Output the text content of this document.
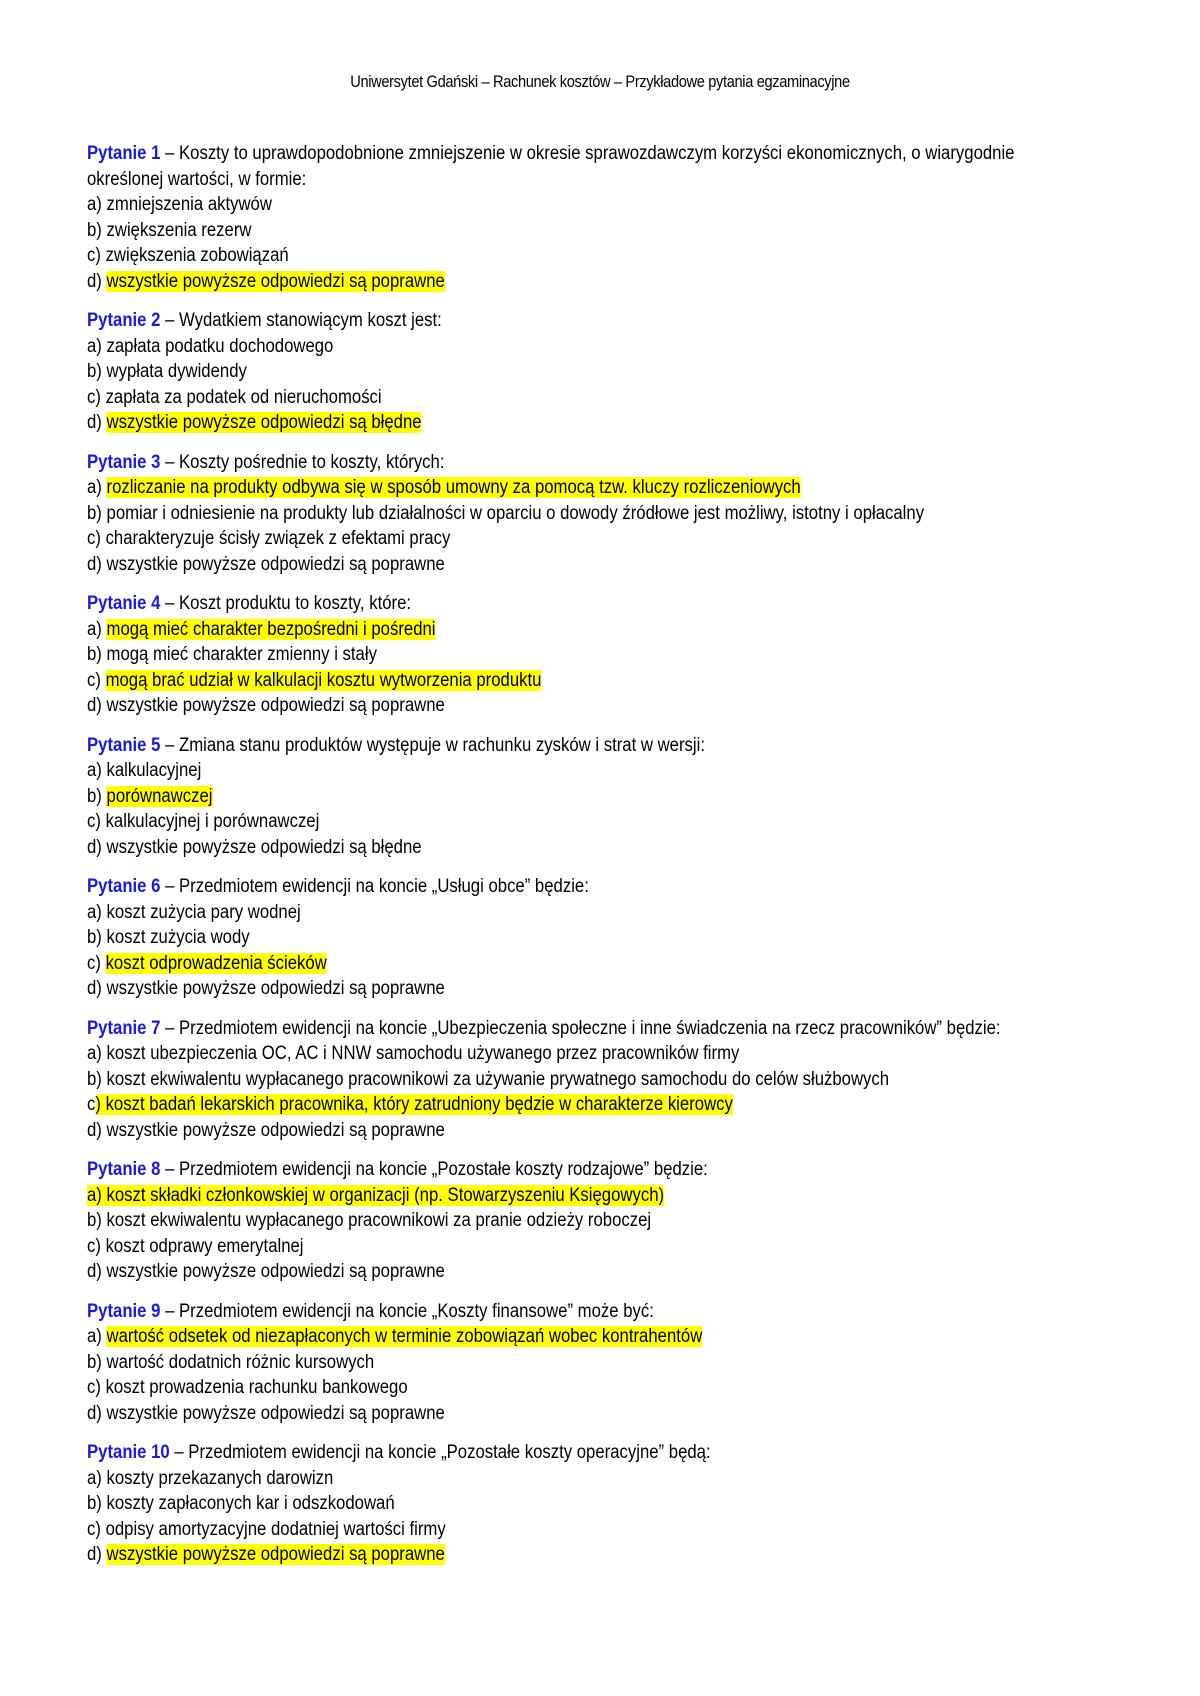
Uniwersytet Gdański – Rachunek kosztów – Przykładowe pytania egzaminacyjne
Pytanie 1 – Koszty to uprawdopodobnione zmniejszenie w okresie sprawozdawczym korzyści ekonomicznych, o wiarygodnie
określonej wartości, w formie:
a) zmniejszenia aktywów
b) zwiększenia rezerw
c) zwiększenia zobowiązań
d) wszystkie powyższe odpowiedzi są poprawne
Pytanie 2 – Wydatkiem stanowiącym koszt jest:
a) zapłata podatku dochodowego
b) wypłata dywidendy
c) zapłata za podatek od nieruchomości
d) wszystkie powyższe odpowiedzi są błędne
Pytanie 3 – Koszty pośrednie to koszty, których:
a) rozliczanie na produkty odbywa się w sposób umowny za pomocą tzw. kluczy rozliczeniowych
b) pomiar i odniesienie na produkty lub działalności w oparciu o dowody źródłowe jest możliwy, istotny i opłacalny
c) charakteryzuje ścisły związek z efektami pracy
d) wszystkie powyższe odpowiedzi są poprawne
Pytanie 4 – Koszt produktu to koszty, które:
a) mogą mieć charakter bezpośredni i pośredni
b) mogą mieć charakter zmienny i stały
c) mogą brać udział w kalkulacji kosztu wytworzenia produktu
d) wszystkie powyższe odpowiedzi są poprawne
Pytanie 5 – Zmiana stanu produktów występuje w rachunku zysków i strat w wersji:
a) kalkulacyjnej
b) porównawczej
c) kalkulacyjnej i porównawczej
d) wszystkie powyższe odpowiedzi są błędne
Pytanie 6 – Przedmiotem ewidencji na koncie „Usługi obce” będzie:
a) koszt zużycia pary wodnej
b) koszt zużycia wody
c) koszt odprowadzenia ścieków
d) wszystkie powyższe odpowiedzi są poprawne
Pytanie 7 – Przedmiotem ewidencji na koncie „Ubezpieczenia społeczne i inne świadczenia na rzecz pracowników” będzie:
a) koszt ubezpieczenia OC, AC i NNW samochodu używanego przez pracowników firmy
b) koszt ekwiwalentu wypłacanego pracownikowi za używanie prywatnego samochodu do celów służbowych
c) koszt badań lekarskich pracownika, który zatrudniony będzie w charakterze kierowcy
d) wszystkie powyższe odpowiedzi są poprawne
Pytanie 8 – Przedmiotem ewidencji na koncie „Pozostałe koszty rodzajowe” będzie:
a) koszt składki członkowskiej w organizacji (np. Stowarzyszeniu Księgowych)
b) koszt ekwiwalentu wypłacanego pracownikowi za pranie odzieży roboczej
c) koszt odprawy emerytalnej
d) wszystkie powyższe odpowiedzi są poprawne
Pytanie 9 – Przedmiotem ewidencji na koncie „Koszty finansowe” może być:
a) wartość odsetek od niezapłaconych w terminie zobowiązań wobec kontrahentów
b) wartość dodatnich różnic kursowych
c) koszt prowadzenia rachunku bankowego
d) wszystkie powyższe odpowiedzi są poprawne
Pytanie 10 – Przedmiotem ewidencji na koncie „Pozostałe koszty operacyjne” będą:
a) koszty przekazanych darowizn
b) koszty zapłaconych kar i odszkodowań
c) odpisy amortyzacyjne dodatniej wartości firmy
d) wszystkie powyższe odpowiedzi są poprawne
